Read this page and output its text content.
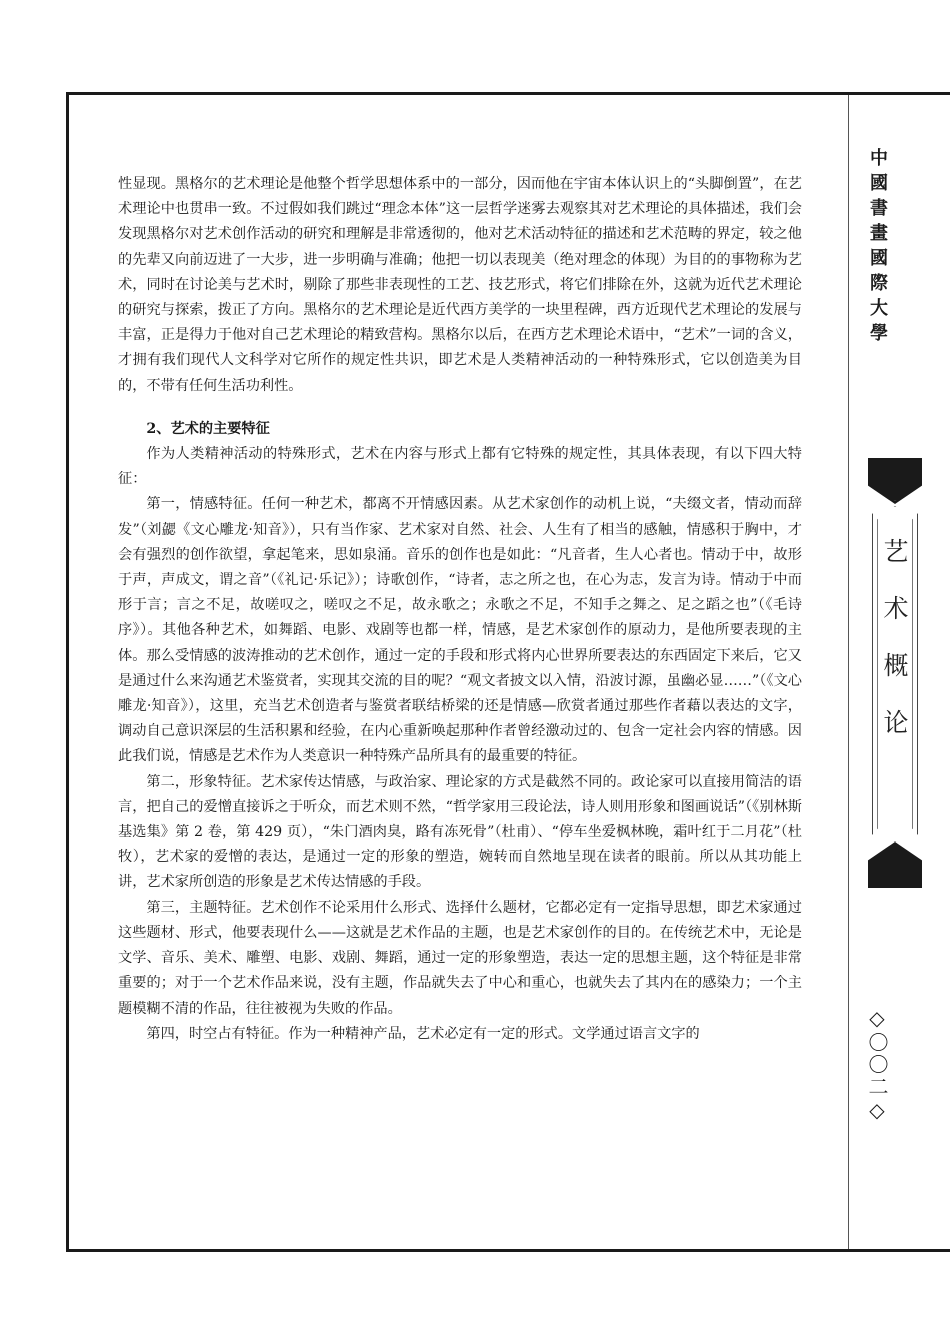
性显现。黑格尔的艺术理论是他整个哲学思想体系中的一部分，因而他在宇宙本体认识上的“头脚倒置”，在艺术理论中也贯串一致。不过假如我们跳过“理念本体”这一层哲学迷雾去观察其对艺术理论的具体描述，我们会发现黑格尔对艺术创作活动的研究和理解是非常透彻的，他对艺术活动特征的描述和艺术范畴的界定，较之他的先辈又向前迈进了一大步，进一步明确与准确；他把一切以表现美（绝对理念的体现）为目的的事物称为艺术，同时在讨论美与艺术时，剔除了那些非表现性的工艺、技艺形式，将它们排除在外，这就为近代艺术理论的研究与探索，拨正了方向。黑格尔的艺术理论是近代西方美学的一块里程碑，西方近现代艺术理论的发展与丰富，正是得力于他对自己艺术理论的精致营构。黑格尔以后，在西方艺术理论术语中，“艺术”一词的含义，才拥有我们现代人文科学对它所作的规定性共识，即艺术是人类精神活动的一种特殊形式，它以创造美为目的，不带有任何生活功利性。

2、艺术的主要特征

作为人类精神活动的特殊形式，艺术在内容与形式上都有它特殊的规定性，其具体表现，有以下四大特征：

第一，情感特征。任何一种艺术，都离不开情感因素。从艺术家创作的动机上说，“夫缀文者，情动而辞发”（刘勰《文心雕龙·知音》），只有当作家、艺术家对自然、社会、人生有了相当的感触，情感积于胸中，才会有强烈的创作欲望，拿起笔来，思如泉涌。音乐的创作也是如此：“凡音者，生人心者也。情动于中，故形于声，声成文，谓之音”（《礼记·乐记》）；诗歌创作，“诗者，志之所之也，在心为志，发言为诗。情动于中而形于言；言之不足，故嗟叹之，嗟叹之不足，故永歌之；永歌之不足，不知手之舞之、足之蹈之也”（《毛诗序》）。其他各种艺术，如舞蹈、电影、戏剧等也都一样，情感，是艺术家创作的原动力，是他所要表现的主体。那么受情感的波涛推动的艺术创作，通过一定的手段和形式将内心世界所要表达的东西固定下来后，它又是通过什么来沟通艺术鉴赏者，实现其交流的目的呢？“观文者披文以入情，沿波讨源，虽幽必显……”（《文心雕龙·知音》），这里，充当艺术创造者与鉴赏者联结桥梁的还是情感—欣赏者通过那些作者藉以表达的文字，调动自己意识深层的生活积累和经验，在内心重新唤起那种作者曾经激动过的、包含一定社会内容的情感。因此我们说，情感是艺术作为人类意识一种特殊产品所具有的最重要的特征。

第二，形象特征。艺术家传达情感，与政治家、理论家的方式是截然不同的。政论家可以直接用简洁的语言，把自己的爱憎直接诉之于听众，而艺术则不然，“哲学家用三段论法，诗人则用形象和图画说话”（《别林斯基选集》第 2 卷，第 429 页），“朱门酒肉臭，路有冻死骨”（杜甫）、“停车坐爱枫林晚，霜叶红于二月花”（杜牧），艺术家的爱憎的表达，是通过一定的形象的塑造，婉转而自然地呈现在读者的眼前。所以从其功能上讲，艺术家所创造的形象是艺术传达情感的手段。

第三，主题特征。艺术创作不论采用什么形式、选择什么题材，它都必定有一定指导思想，即艺术家通过这些题材、形式，他要表现什么——这就是艺术作品的主题，也是艺术家创作的目的。在传统艺术中，无论是文学、音乐、美术、雕塑、电影、戏剧、舞蹈，通过一定的形象塑造，表达一定的思想主题，这个特征是非常重要的；对于一个艺术作品来说，没有主题，作品就失去了中心和重心，也就失去了其内在的感染力；一个主题模糊不清的作品，往往被视为失败的作品。

第四，时空占有特征。作为一种精神产品，艺术必定有一定的形式。文学通过语言文字的

中國書畫國際大學
艺术概论
◇〇〇二◇
